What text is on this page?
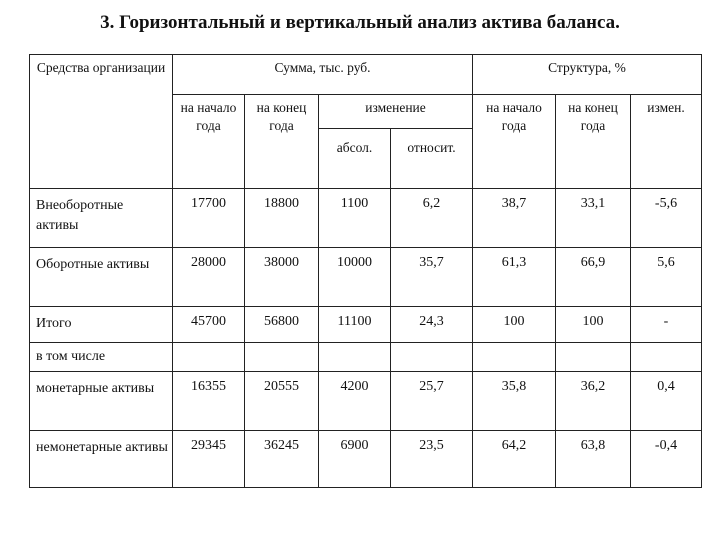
3. Горизонтальный и вертикальный анализ актива баланса.
Средства организации	Сумма, тыс. руб.				Структура, %		
	на начало года	на конец года	изменение		на начало года	на конец года	измен.
			абсол.	относит.			
Внеоборотные активы	17700	18800	1100	6,2	38,7	33,1	-5,6
Оборотные активы	28000	38000	10000	35,7	61,3	66,9	5,6
Итого	45700	56800	11100	24,3	100	100	-
в том числе							
монетарные активы	16355	20555	4200	25,7	35,8	36,2	0,4
немонетарные активы	29345	36245	6900	23,5	64,2	63,8	-0,4
